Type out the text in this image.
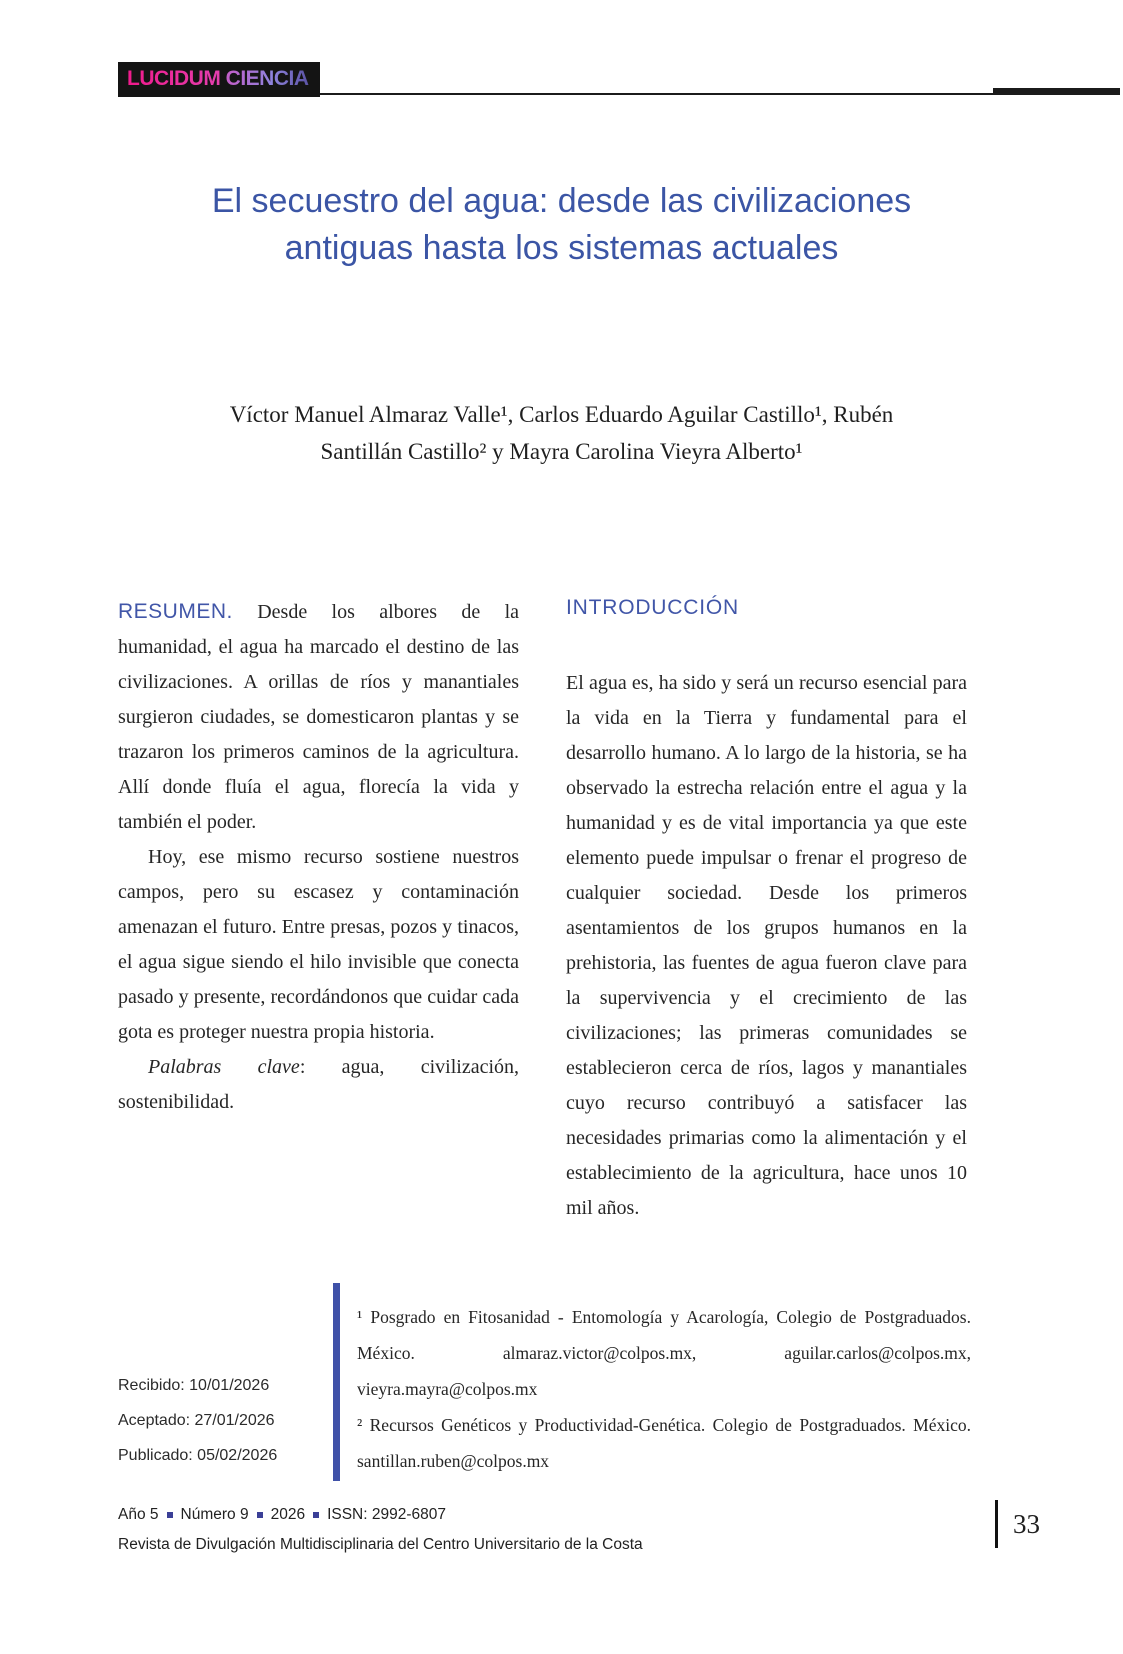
LUCIDUM CIENCIA
El secuestro del agua: desde las civilizaciones antiguas hasta los sistemas actuales

Víctor Manuel Almaraz Valle¹, Carlos Eduardo Aguilar Castillo¹, Rubén Santillán Castillo² y Mayra Carolina Vieyra Alberto¹

RESUMEN. Desde los albores de la humanidad, el agua ha marcado el destino de las civilizaciones. A orillas de ríos y manantiales surgieron ciudades, se domesticaron plantas y se trazaron los primeros caminos de la agricultura. Allí donde fluía el agua, florecía la vida y también el poder.

Hoy, ese mismo recurso sostiene nuestros campos, pero su escasez y contaminación amenazan el futuro. Entre presas, pozos y tinacos, el agua sigue siendo el hilo invisible que conecta pasado y presente, recordándonos que cuidar cada gota es proteger nuestra propia historia.

Palabras clave: agua, civilización, sostenibilidad.

INTRODUCCIÓN

El agua es, ha sido y será un recurso esencial para la vida en la Tierra y fundamental para el desarrollo humano. A lo largo de la historia, se ha observado la estrecha relación entre el agua y la humanidad y es de vital importancia ya que este elemento puede impulsar o frenar el progreso de cualquier sociedad. Desde los primeros asentamientos de los grupos humanos en la prehistoria, las fuentes de agua fueron clave para la supervivencia y el crecimiento de las civilizaciones; las primeras comunidades se establecieron cerca de ríos, lagos y manantiales cuyo recurso contribuyó a satisfacer las necesidades primarias como la alimentación y el establecimiento de la agricultura, hace unos 10 mil años.

Recibido: 10/01/2026
Aceptado: 27/01/2026
Publicado: 05/02/2026

¹ Posgrado en Fitosanidad - Entomología y Acarología, Colegio de Postgraduados. México. almaraz.victor@colpos.mx, aguilar.carlos@colpos.mx, vieyra.mayra@colpos.mx

² Recursos Genéticos y Productividad-Genética. Colegio de Postgraduados. México. santillan.ruben@colpos.mx

Año 5 Número 9 2026 ISSN: 2992-6807
Revista de Divulgación Multidisciplinaria del Centro Universitario de la Costa
33
